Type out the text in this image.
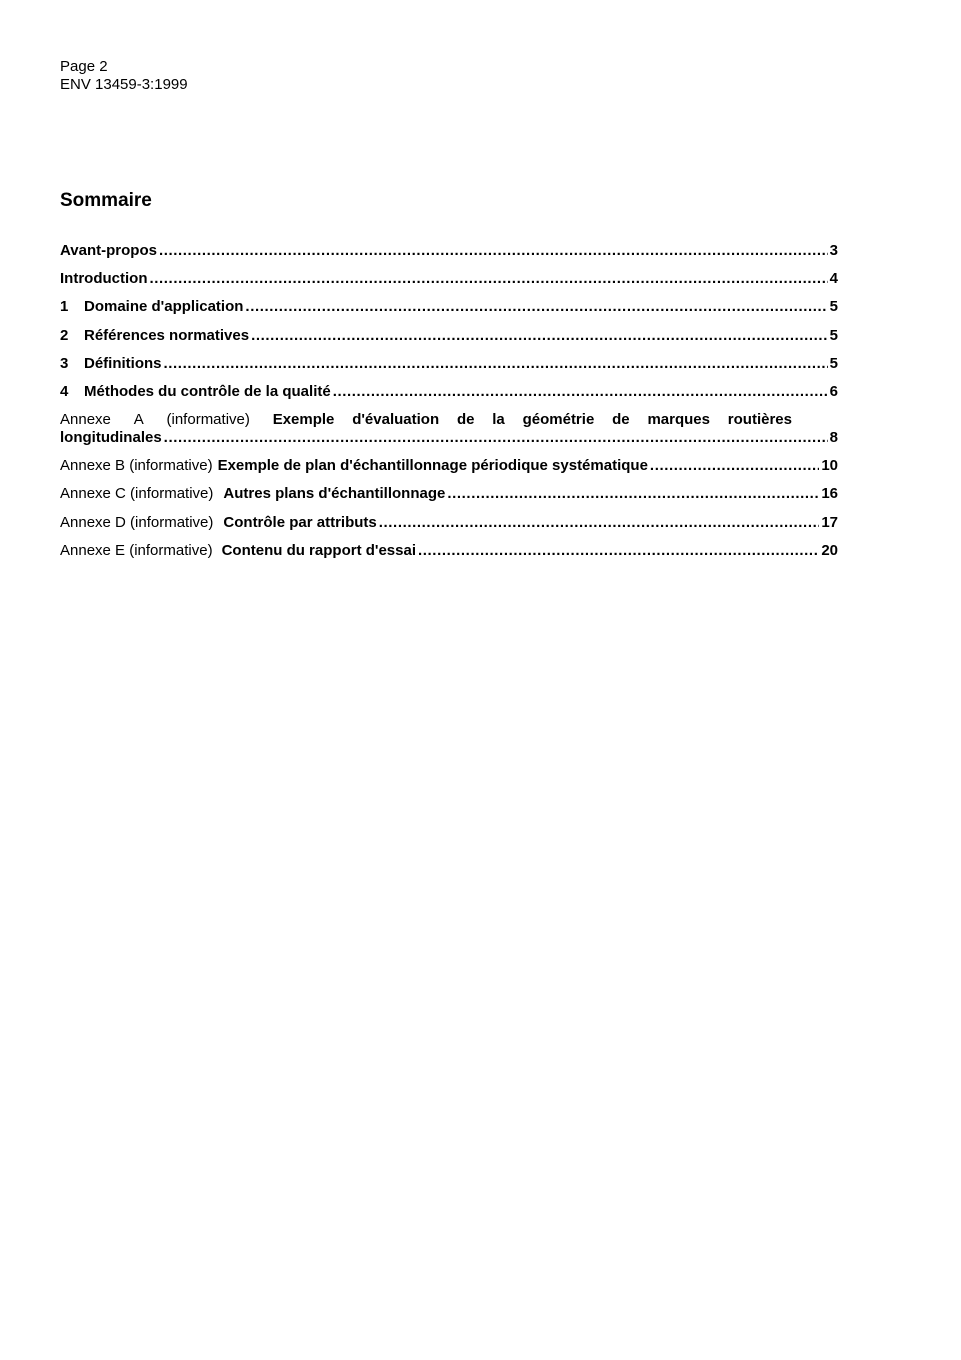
Page 2
ENV 13459-3:1999
Sommaire
Avant-propos .....	3
Introduction .....	4
1	Domaine d'application .....	5
2	Références normatives .....	5
3	Définitions .....	5
4	Méthodes du contrôle de la qualité .....	6
Annexe A (informative) Exemple d'évaluation de la géométrie de marques routières
longitudinales .....	8
Annexe B (informative) Exemple de plan d'échantillonnage périodique systématique .....	10
Annexe C (informative) Autres plans d'échantillonnage .....	16
Annexe D (informative) Contrôle par attributs .....	17
Annexe E (informative) Contenu du rapport d'essai .....	20
